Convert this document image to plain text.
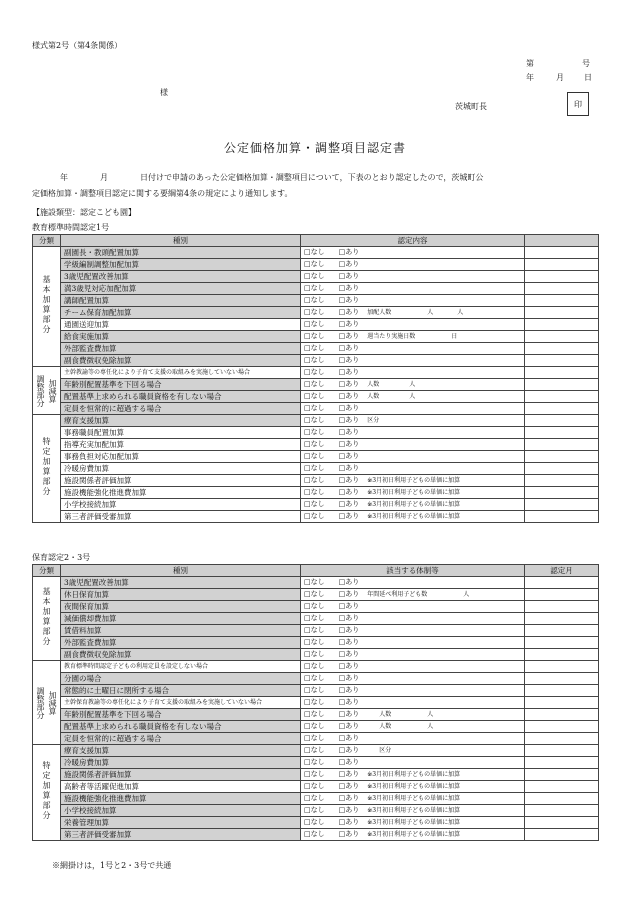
様式第2号（第4条関係）
第	号
年	月	日
様
茨城町長	印
公定価格加算・調整項目認定書
年　　　　月　　　　日付けで申請のあった公定価格加算・調整項目について，下表のとおり認定したので，茨城町公
定価格加算・調整項目認定に関する要綱第4条の規定により通知します。
【施設類型：認定こども園】
教育標準時間認定1号
分類	種別	認定内容	
基本加算部分	副園長・教頭配置加算	□なし　　□あり	
	学級編制調整加配加算	□なし　　□あり	
	3歳児配置改善加算	□なし　　□あり	
	満3歳児対応加配加算	□なし　　□あり	
	講師配置加算	□なし　　□あり	
	チーム保育加配加算	□なし　　□あり 加配人数　　　　　　人　　　　人	
	通園送迎加算	□なし　　□あり	
	給食実施加算	□なし　　□あり 週当たり実施日数　　　　　　日	
	外部監査費加算	□なし　　□あり	
	副食費徴収免除加算	□なし　　□あり	

調整部分 加減算	主幹教諭等の専任化により子育て支援の取組みを実施していない場合	□なし　　□あり	
	年齢別配置基準を下回る場合	□なし　　□あり 人数　　　　　人	
	配置基準上求められる職員資格を有しない場合	□なし　　□あり 人数　　　　　人	
	定員を恒常的に超過する場合	□なし　　□あり	
特定加算部分	療育支援加算	□なし　　□あり 区分	
	事務職員配置加算	□なし　　□あり	
	指導充実加配加算	□なし　　□あり	
	事務負担対応加配加算	□なし　　□あり	
	冷暖房費加算	□なし　　□あり	
	施設関係者評価加算	□なし　　□あり ※3月初日利用子どもの単価に加算	
	施設機能強化推進費加算	□なし　　□あり ※3月初日利用子どもの単価に加算	
	小学校接続加算	□なし　　□あり ※3月初日利用子どもの単価に加算	
	第三者評価受審加算	□なし　　□あり ※3月初日利用子どもの単価に加算	
保育認定2・3号
分類	種別	該当する体制等	認定月
基本加算部分	3歳児配置改善加算	□なし　　□あり	
	休日保育加算	□なし　　□あり 年間延べ利用子ども数　　　　　　人	
	夜間保育加算	□なし　　□あり	
	減価償却費加算	□なし　　□あり	
	賃借料加算	□なし　　□あり	
	外部監査費加算	□なし　　□あり	
	副食費徴収免除加算	□なし　　□あり	

調整部分 加減算	教育標準時間認定子どもの利用定員を設定しない場合	□なし　　□あり	
	分園の場合	□なし　　□あり	
	常態的に土曜日に閉所する場合	□なし　　□あり	
	主幹保育教諭等の専任化により子育て支援の取組みを実施していない場合	□なし　　□あり	
	年齢別配置基準を下回る場合	□なし　　□あり　　人数　　　　　　人	
	配置基準上求められる職員資格を有しない場合	□なし　　□あり　　人数　　　　　　人	
	定員を恒常的に超過する場合	□なし　　□あり	
特定加算部分	療育支援加算	□なし　　□あり　　区分	
	冷暖房費加算	□なし　　□あり	
	施設関係者評価加算	□なし　　□あり ※3月初日利用子どもの単価に加算	
	高齢者等活躍促進加算	□なし　　□あり ※3月初日利用子どもの単価に加算	
	施設機能強化推進費加算	□なし　　□あり ※3月初日利用子どもの単価に加算	
	小学校接続加算	□なし　　□あり ※3月初日利用子どもの単価に加算	
	栄養管理加算	□なし　　□あり ※3月初日利用子どもの単価に加算	
	第三者評価受審加算	□なし　　□あり ※3月初日利用子どもの単価に加算	
※網掛けは，1号と2・3号で共通
